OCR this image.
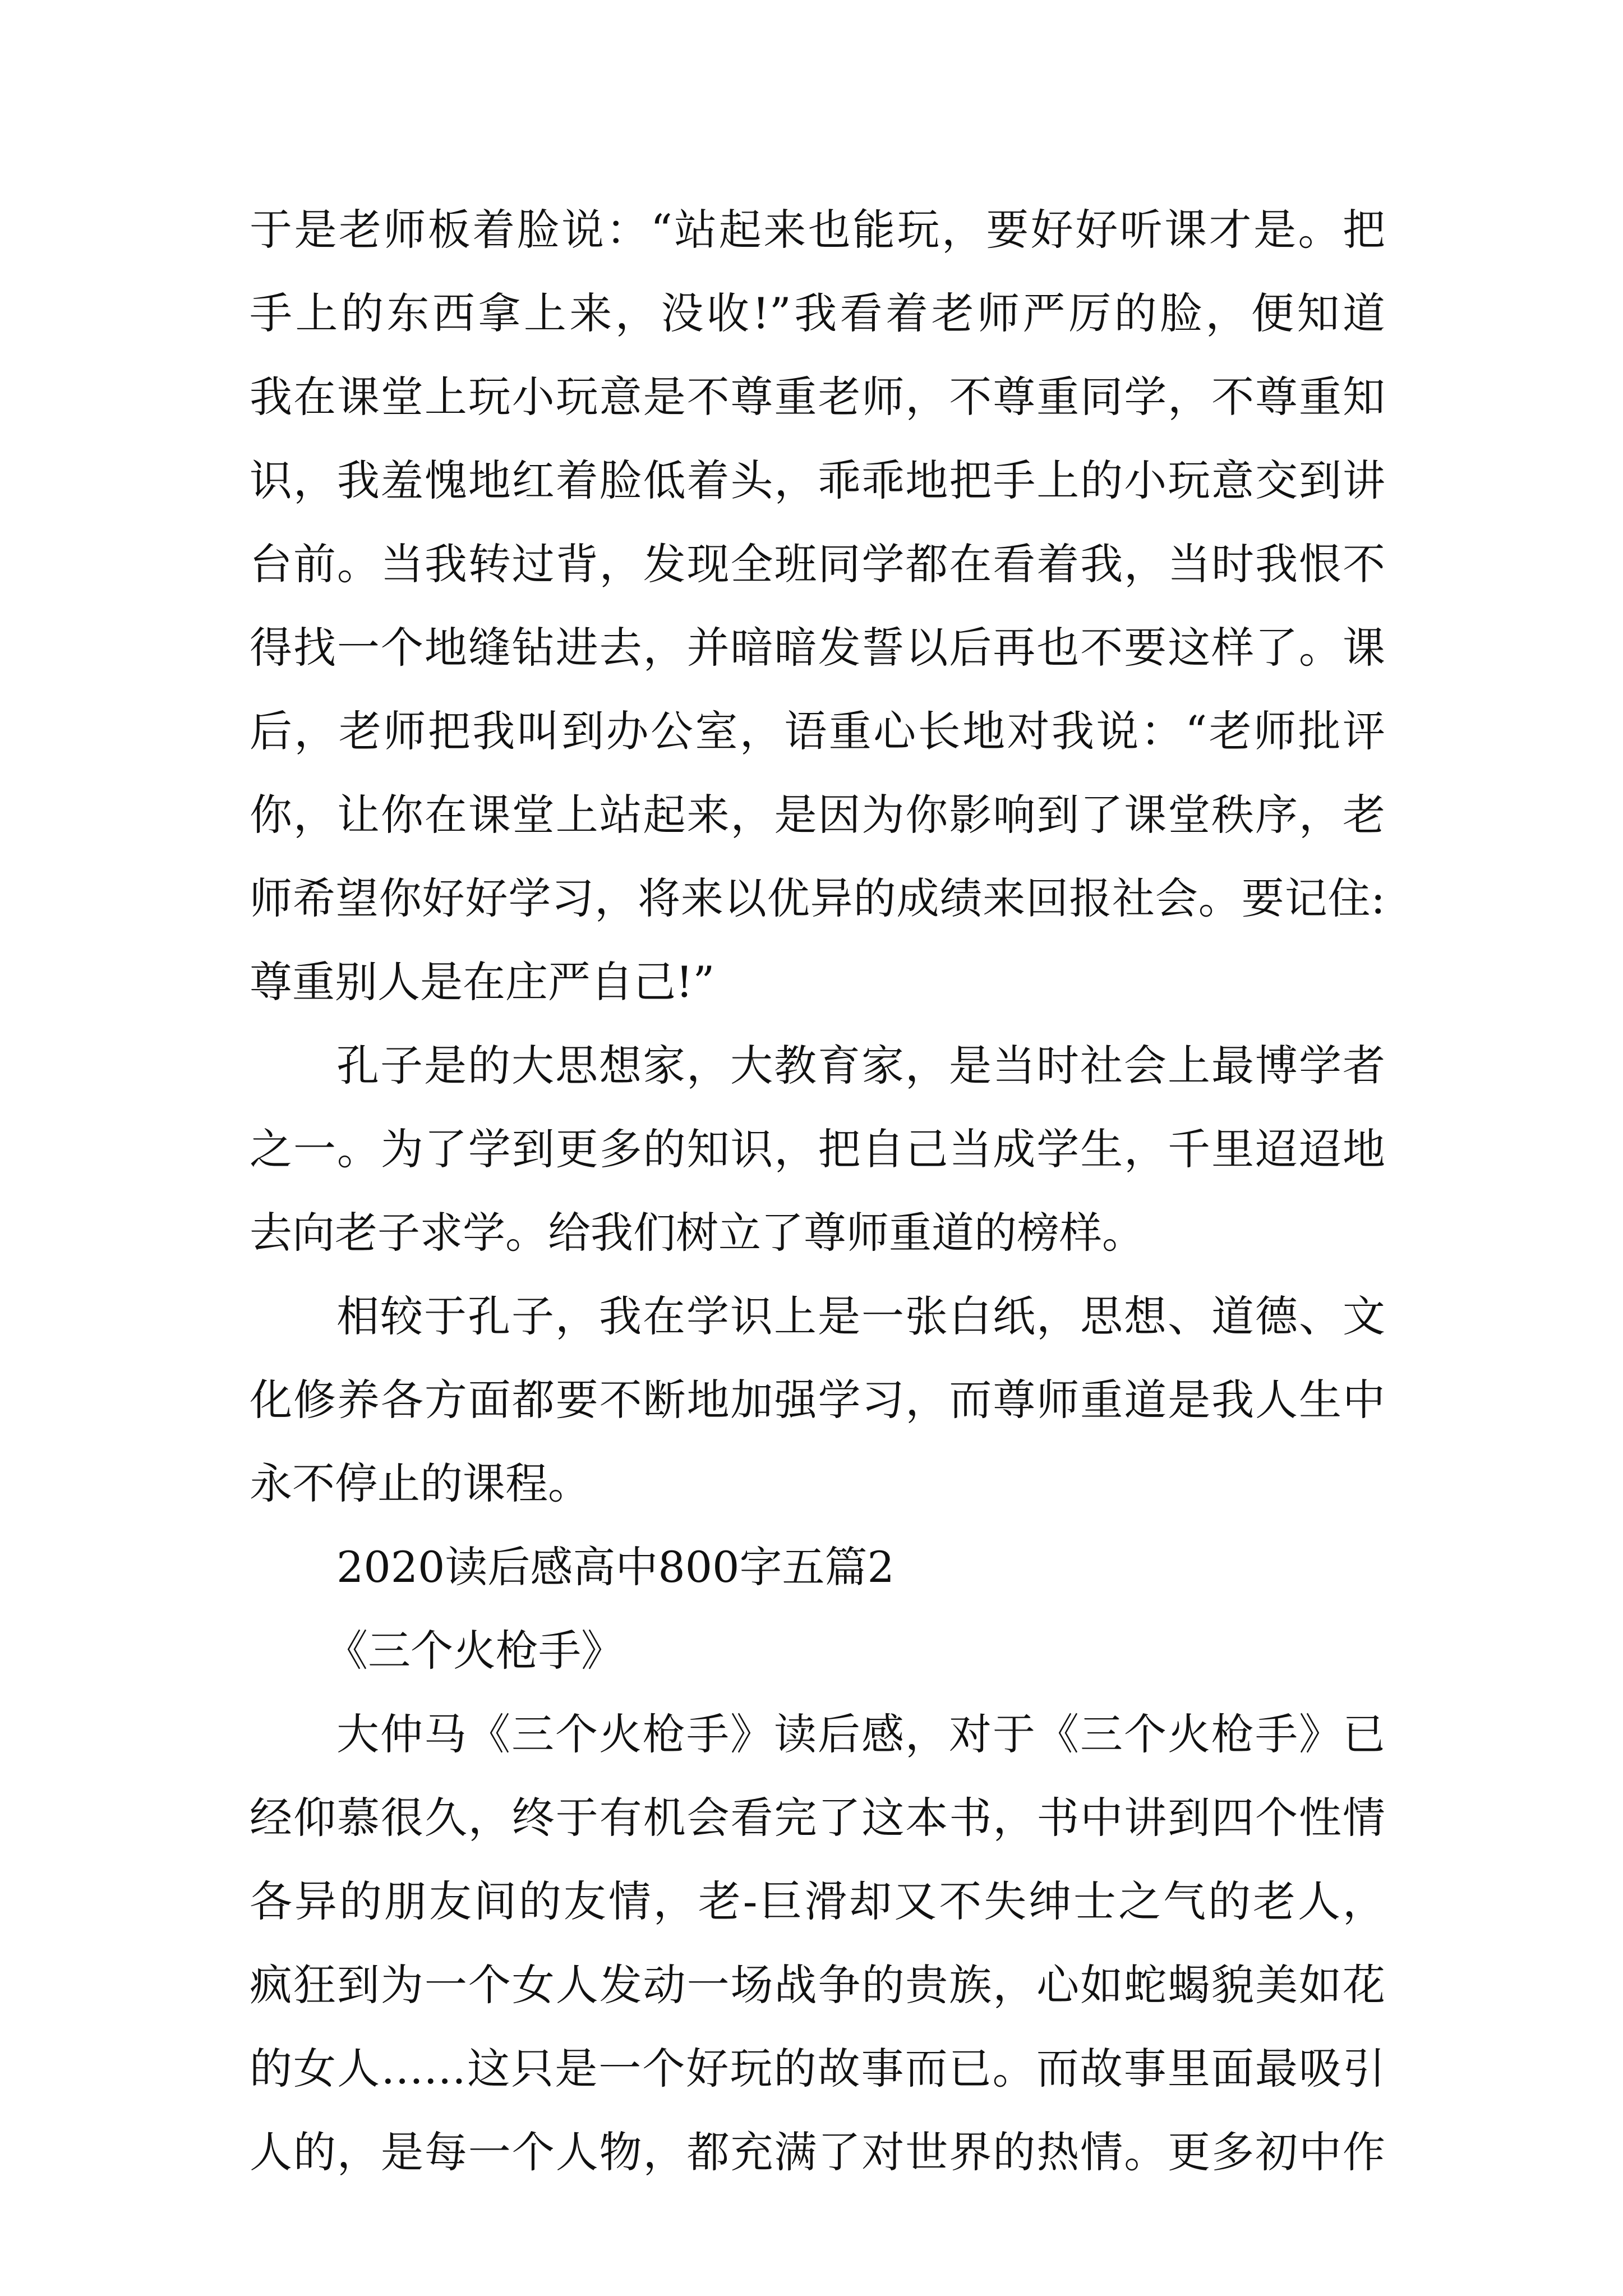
于是老师板着脸说：“站起来也能玩，要好好听课才是。把
手上的东西拿上来，没收!”我看着老师严厉的脸，便知道
我在课堂上玩小玩意是不尊重老师，不尊重同学，不尊重知
识，我羞愧地红着脸低着头，乖乖地把手上的小玩意交到讲
台前。当我转过背，发现全班同学都在看着我，当时我恨不
得找一个地缝钻进去，并暗暗发誓以后再也不要这样了。课
后，老师把我叫到办公室，语重心长地对我说：“老师批评
你，让你在课堂上站起来，是因为你影响到了课堂秩序，老
师希望你好好学习，将来以优异的成绩来回报社会。要记住:
尊重别人是在庄严自己!”
孔子是的大思想家，大教育家，是当时社会上最博学者
之一。为了学到更多的知识，把自己当成学生，千里迢迢地
去向老子求学。给我们树立了尊师重道的榜样。
相较于孔子，我在学识上是一张白纸，思想、道德、文
化修养各方面都要不断地加强学习，而尊师重道是我人生中
永不停止的课程。
2020读后感高中800字五篇2
《三个火枪手》
大仲马《三个火枪手》读后感，对于《三个火枪手》已
经仰慕很久，终于有机会看完了这本书，书中讲到四个性情
各异的朋友间的友情，老-巨滑却又不失绅士之气的老人，
疯狂到为一个女人发动一场战争的贵族，心如蛇蝎貌美如花
的女人……这只是一个好玩的故事而已。而故事里面最吸引
人的，是每一个人物，都充满了对世界的热情。更多初中作
